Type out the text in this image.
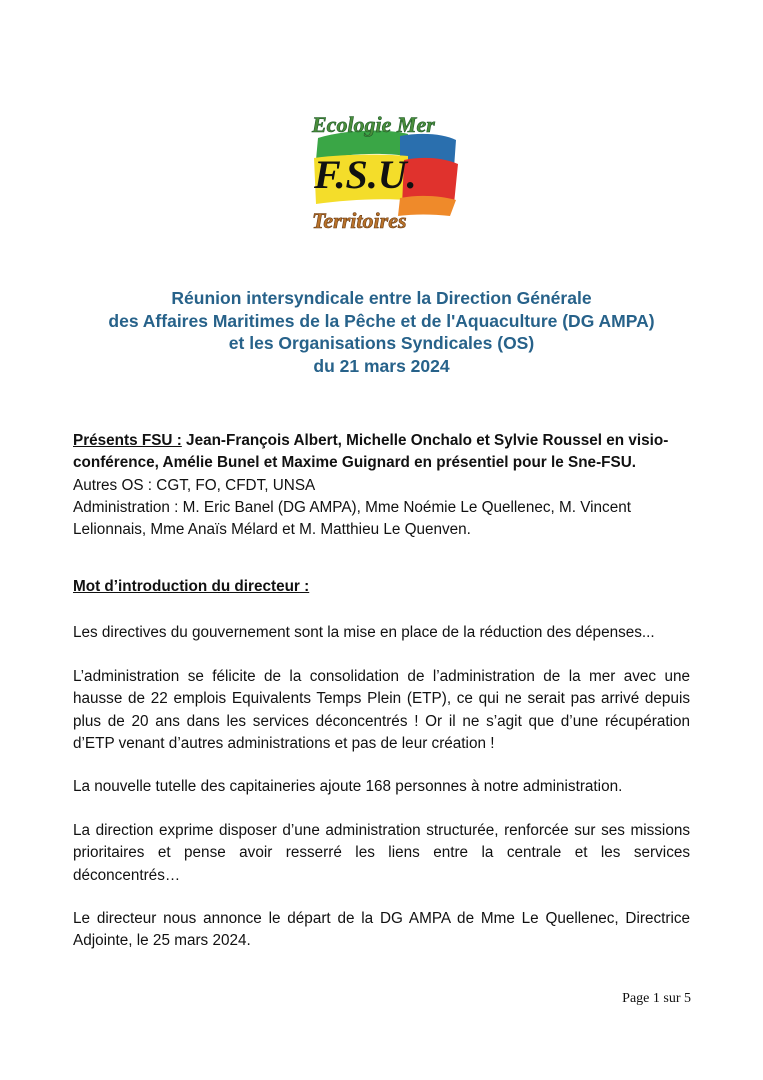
Ecologie Mer
F.S.U.
Territoires
Réunion intersyndicale entre la Direction Générale
des Affaires Maritimes de la Pêche et de l'Aquaculture (DG AMPA)
et les Organisations Syndicales (OS)
du 21 mars 2024

Présents FSU : Jean-François Albert, Michelle Onchalo et Sylvie Roussel en visio-conférence, Amélie Bunel et Maxime Guignard en présentiel pour le Sne-FSU.

Autres OS : CGT, FO, CFDT, UNSA

Administration : M. Eric Banel (DG AMPA), Mme Noémie Le Quellenec, M. Vincent Lelionnais, Mme Anaïs Mélard et M. Matthieu Le Quenven.

Mot d’introduction du directeur :

Les directives du gouvernement sont la mise en place de la réduction des dépenses...

L’administration se félicite de la consolidation de l’administration de la mer avec une hausse de 22 emplois Equivalents Temps Plein (ETP), ce qui ne serait pas arrivé depuis plus de 20 ans dans les services déconcentrés ! Or il ne s’agit que d’une récupération d’ETP venant d’autres administrations et pas de leur création !

La nouvelle tutelle des capitaineries ajoute 168 personnes à notre administration.

La direction exprime disposer d’une administration structurée, renforcée sur ses missions prioritaires et pense avoir resserré les liens entre la centrale et les services déconcentrés…

Le directeur nous annonce le départ de la DG AMPA de Mme Le Quellenec, Directrice Adjointe, le 25 mars 2024.

Page 1 sur 5
